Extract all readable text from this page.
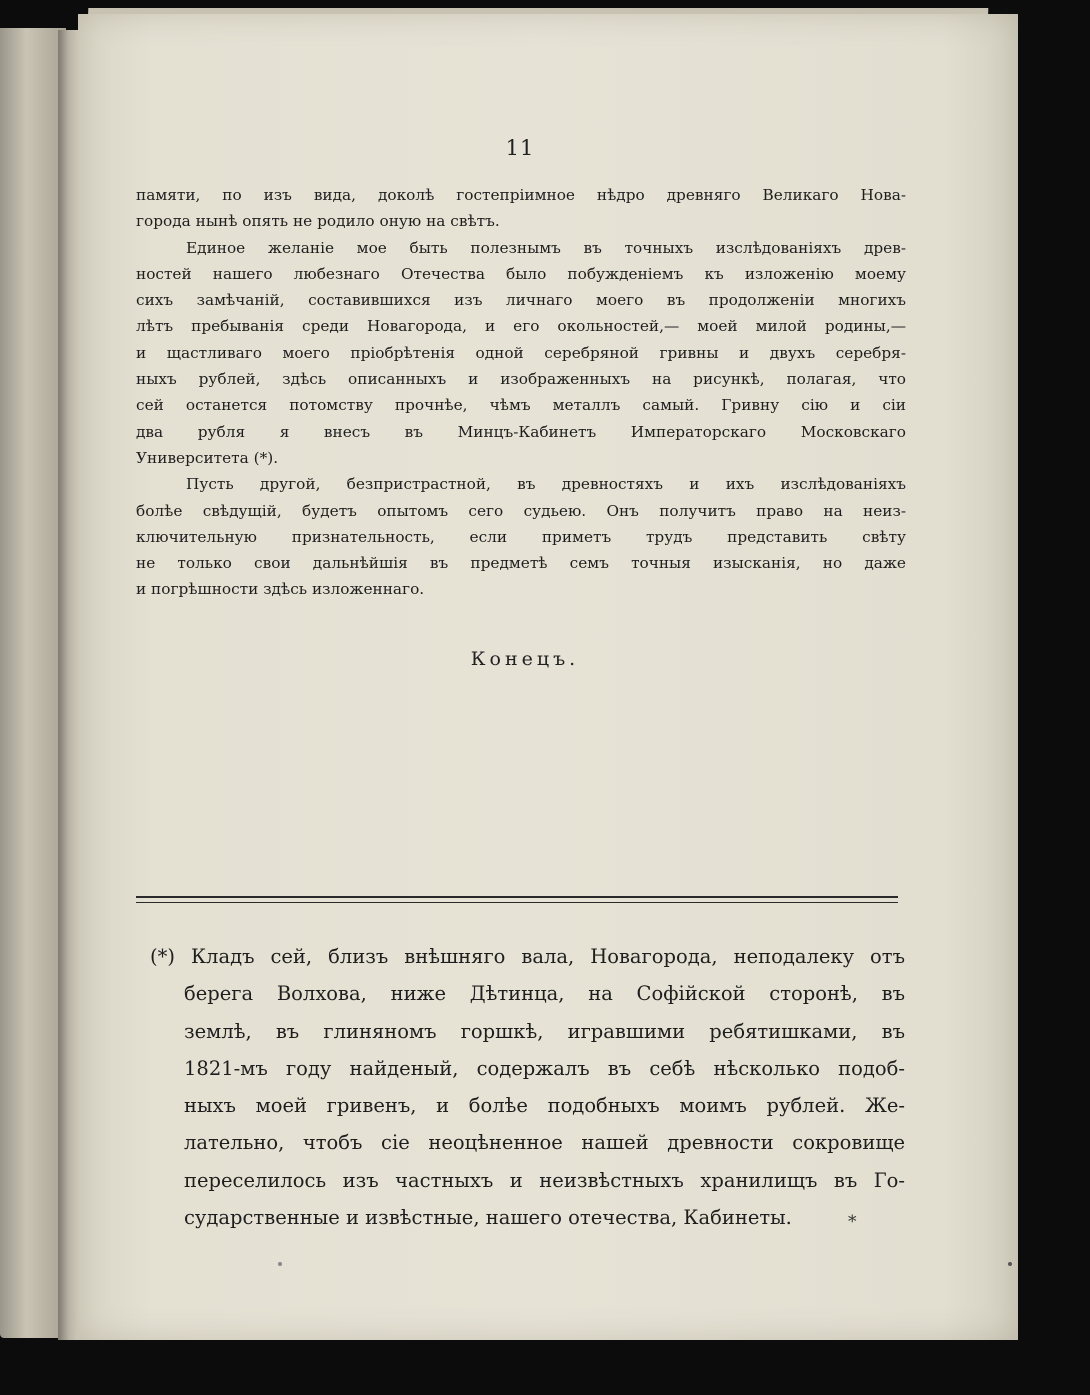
11
памяти, по изъ вида, доколѣ гостепріимное нѣдро древняго Великаго Нова-
города нынѣ опять не родило оную на свѣтъ.
Единое желаніе мое быть полезнымъ въ точныхъ изслѣдованіяхъ древ-
ностей нашего любезнаго Отечества было побужденіемъ къ изложенію моему
сихъ замѣчаній, составившихся изъ личнаго моего въ продолженіи многихъ
лѣтъ пребыванія среди Новагорода, и его окольностей,— моей милой родины,—
и щастливаго моего пріобрѣтенія одной серебряной гривны и двухъ серебря-
ныхъ рублей, здѣсь описанныхъ и изображенныхъ на рисункѣ, полагая, что
сей останется потомству прочнѣе, чѣмъ металлъ самый. Гривну сію и сіи
два рубля я внесъ въ Минцъ-Кабинетъ Императорскаго Московскаго
Университета (*).
Пусть другой, безпристрастной, въ древностяхъ и ихъ изслѣдованіяхъ
болѣе свѣдущій, будетъ опытомъ сего судьею. Онъ получитъ право на неиз-
ключительную признательность, если приметъ трудъ представить свѣту
не только свои дальнѣйшія въ предметѣ семъ точныя изысканія, но даже
и погрѣшности здѣсь изложеннаго.
Конецъ.
(*) Кладъ сей, близъ внѣшняго вала, Новагорода, неподалеку отъ
берега Волхова, ниже Дѣтинца, на Софійской сторонѣ, въ
землѣ, въ глиняномъ горшкѣ, игравшими ребятишками, въ
1821-мъ году найденый, содержалъ въ себѣ нѣсколько подоб-
ныхъ моей гривенъ, и болѣе подобныхъ моимъ рублей. Же-
лательно, чтобъ сіе неоцѣненное нашей древности сокровище
переселилось изъ частныхъ и неизвѣстныхъ хранилищъ въ Го-
сударственные и извѣстные, нашего отечества, Кабинеты.	*
